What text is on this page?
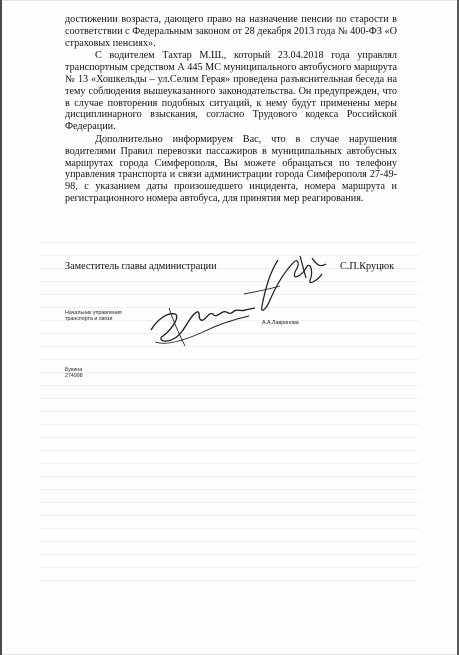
достижении возраста, дающего право на назначение пенсии по старости в соответствии с Федеральным законом от 28 декабря 2013 года № 400-ФЗ «О страховых пенсиях».

С водителем Тахтар М.Ш., который 23.04.2018 года управлял транспортным средством А 445 МС муниципального автобусного маршрута № 13 «Хошкельды – ул.Селим Герая» проведена разъяснительная беседа на тему соблюдения вышеуказанного законодательства. Он предупрежден, что в случае повторения подобных ситуаций, к нему будут применены меры дисциплинарного взыскания, согласно Трудового кодекса Российской Федерации.

Дополнительно информируем Вас, что в случае нарушения водителями Правил перевозки пассажиров в муниципальных автобусных маршрутах города Симферополя, Вы можете обращаться по телефону управления транспорта и связи администрации города Симферополя 27-49-98, с указанием даты произошедшего инцидента, номера маршрута и регистрационного номера автобуса, для принятия мер реагирования.

Заместитель главы администрации	С.П.Круцюк
Начальник управления
транспорта и связи
А.А.Лавринова
Букина
274998
